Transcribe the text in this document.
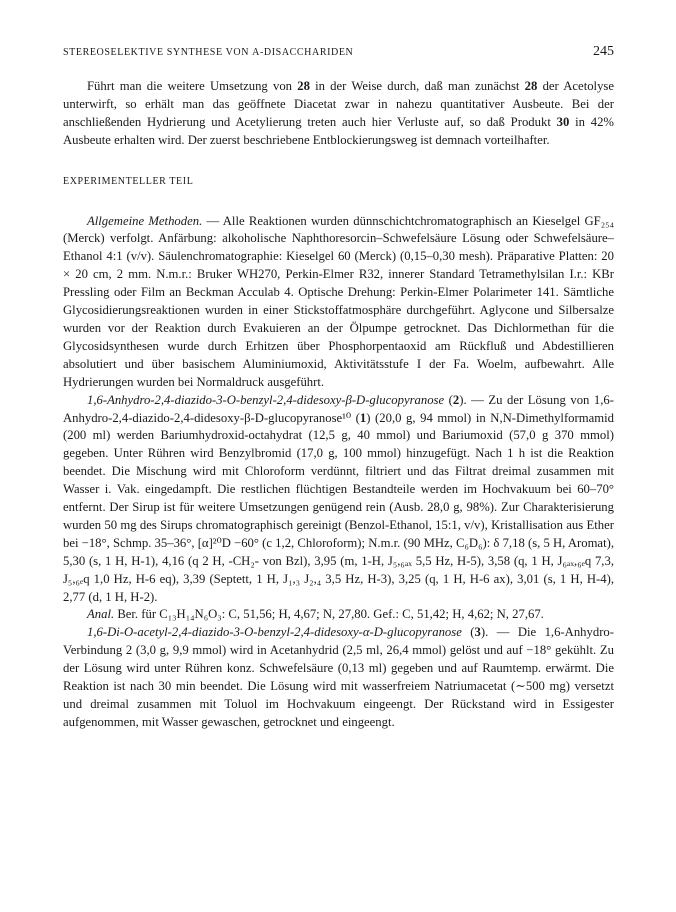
STEREOSELEKTIVE SYNTHESE VON Α-DISACCHARIDEN	245

Führt man die weitere Umsetzung von 28 in der Weise durch, daß man zunächst 28 der Acetolyse unterwirft, so erhält man das geöffnete Diacetat zwar in nahezu quantitativer Ausbeute. Bei der anschließenden Hydrierung und Acetylierung treten auch hier Verluste auf, so daß Produkt 30 in 42% Ausbeute erhalten wird. Der zuerst beschriebene Entblockierungsweg ist demnach vorteilhafter.

EXPERIMENTELLER TEIL

Allgemeine Methoden. — Alle Reaktionen wurden dünnschichtchromatographisch an Kieselgel GF₂₅₄ (Merck) verfolgt. Anfärbung: alkoholische Naphthoresorcin–Schwefelsäure Lösung oder Schwefelsäure–Ethanol 4:1 (v/v). Säulenchromatographie: Kieselgel 60 (Merck) (0,15–0,30 mesh). Präparative Platten: 20 × 20 cm, 2 mm. N.m.r.: Bruker WH270, Perkin-Elmer R32, innerer Standard Tetramethylsilan I.r.: KBr Pressling oder Film an Beckman Acculab 4. Optische Drehung: Perkin-Elmer Polarimeter 141. Sämtliche Glycosidierungsreaktionen wurden in einer Stickstoffatmosphäre durchgeführt. Aglycone und Silbersalze wurden vor der Reaktion durch Evakuieren an der Ölpumpe getrocknet. Das Dichlormethan für die Glycosidsynthesen wurde durch Erhitzen über Phosphorpentaoxid am Rückfluß und Abdestillieren absolutiert und über basischem Aluminiumoxid, Aktivitätsstufe I der Fa. Woelm, aufbewahrt. Alle Hydrierungen wurden bei Normaldruck ausgeführt.

1,6-Anhydro-2,4-diazido-3-O-benzyl-2,4-didesoxy-β-D-glucopyranose (2). — Zu der Lösung von 1,6-Anhydro-2,4-diazido-2,4-didesoxy-β-D-glucopyranose¹⁰ (1) (20,0 g, 94 mmol) in N,N-Dimethylformamid (200 ml) werden Bariumhydroxid-octahydrat (12,5 g, 40 mmol) und Bariumoxid (57,0 g 370 mmol) gegeben. Unter Rühren wird Benzylbromid (17,0 g, 100 mmol) hinzugefügt. Nach 1 h ist die Reaktion beendet. Die Mischung wird mit Chloroform verdünnt, filtriert und das Filtrat dreimal zusammen mit Wasser i. Vak. eingedampft. Die restlichen flüchtigen Bestandteile werden im Hochvakuum bei 60–70° entfernt. Der Sirup ist für weitere Umsetzungen genügend rein (Ausb. 28,0 g, 98%). Zur Charakterisierung wurden 50 mg des Sirups chromatographisch gereinigt (Benzol-Ethanol, 15:1, v/v), Kristallisation aus Ether bei −18°, Schmp. 35–36°, [α]²⁰D −60° (c 1,2, Chloroform); N.m.r. (90 MHz, C₆D₆): δ 7,18 (s, 5 H, Aromat), 5,30 (s, 1 H, H-1), 4,16 (q 2 H, -CH₂- von Bzl), 3,95 (m, 1-H, J₅,₆ₐₓ 5,5 Hz, H-5), 3,58 (q, 1 H, J₆ₐₓ,₆ₑq 7,3, J₅,₆ₑq 1,0 Hz, H-6 eq), 3,39 (Septett, 1 H, J₁,₃ J₂,₄ 3,5 Hz, H-3), 3,25 (q, 1 H, H-6 ax), 3,01 (s, 1 H, H-4), 2,77 (d, 1 H, H-2).

Anal. Ber. für C₁₃H₁₄N₆O₃: C, 51,56; H, 4,67; N, 27,80. Gef.: C, 51,42; H, 4,62; N, 27,67.

1,6-Di-O-acetyl-2,4-diazido-3-O-benzyl-2,4-didesoxy-α-D-glucopyranose (3). — Die 1,6-Anhydro-Verbindung 2 (3,0 g, 9,9 mmol) wird in Acetanhydrid (2,5 ml, 26,4 mmol) gelöst und auf −18° gekühlt. Zu der Lösung wird unter Rühren konz. Schwefelsäure (0,13 ml) gegeben und auf Raumtemp. erwärmt. Die Reaktion ist nach 30 min beendet. Die Lösung wird mit wasserfreiem Natriumacetat (∼500 mg) versetzt und dreimal zusammen mit Toluol im Hochvakuum eingeengt. Der Rückstand wird in Essigester aufgenommen, mit Wasser gewaschen, getrocknet und eingeengt.
